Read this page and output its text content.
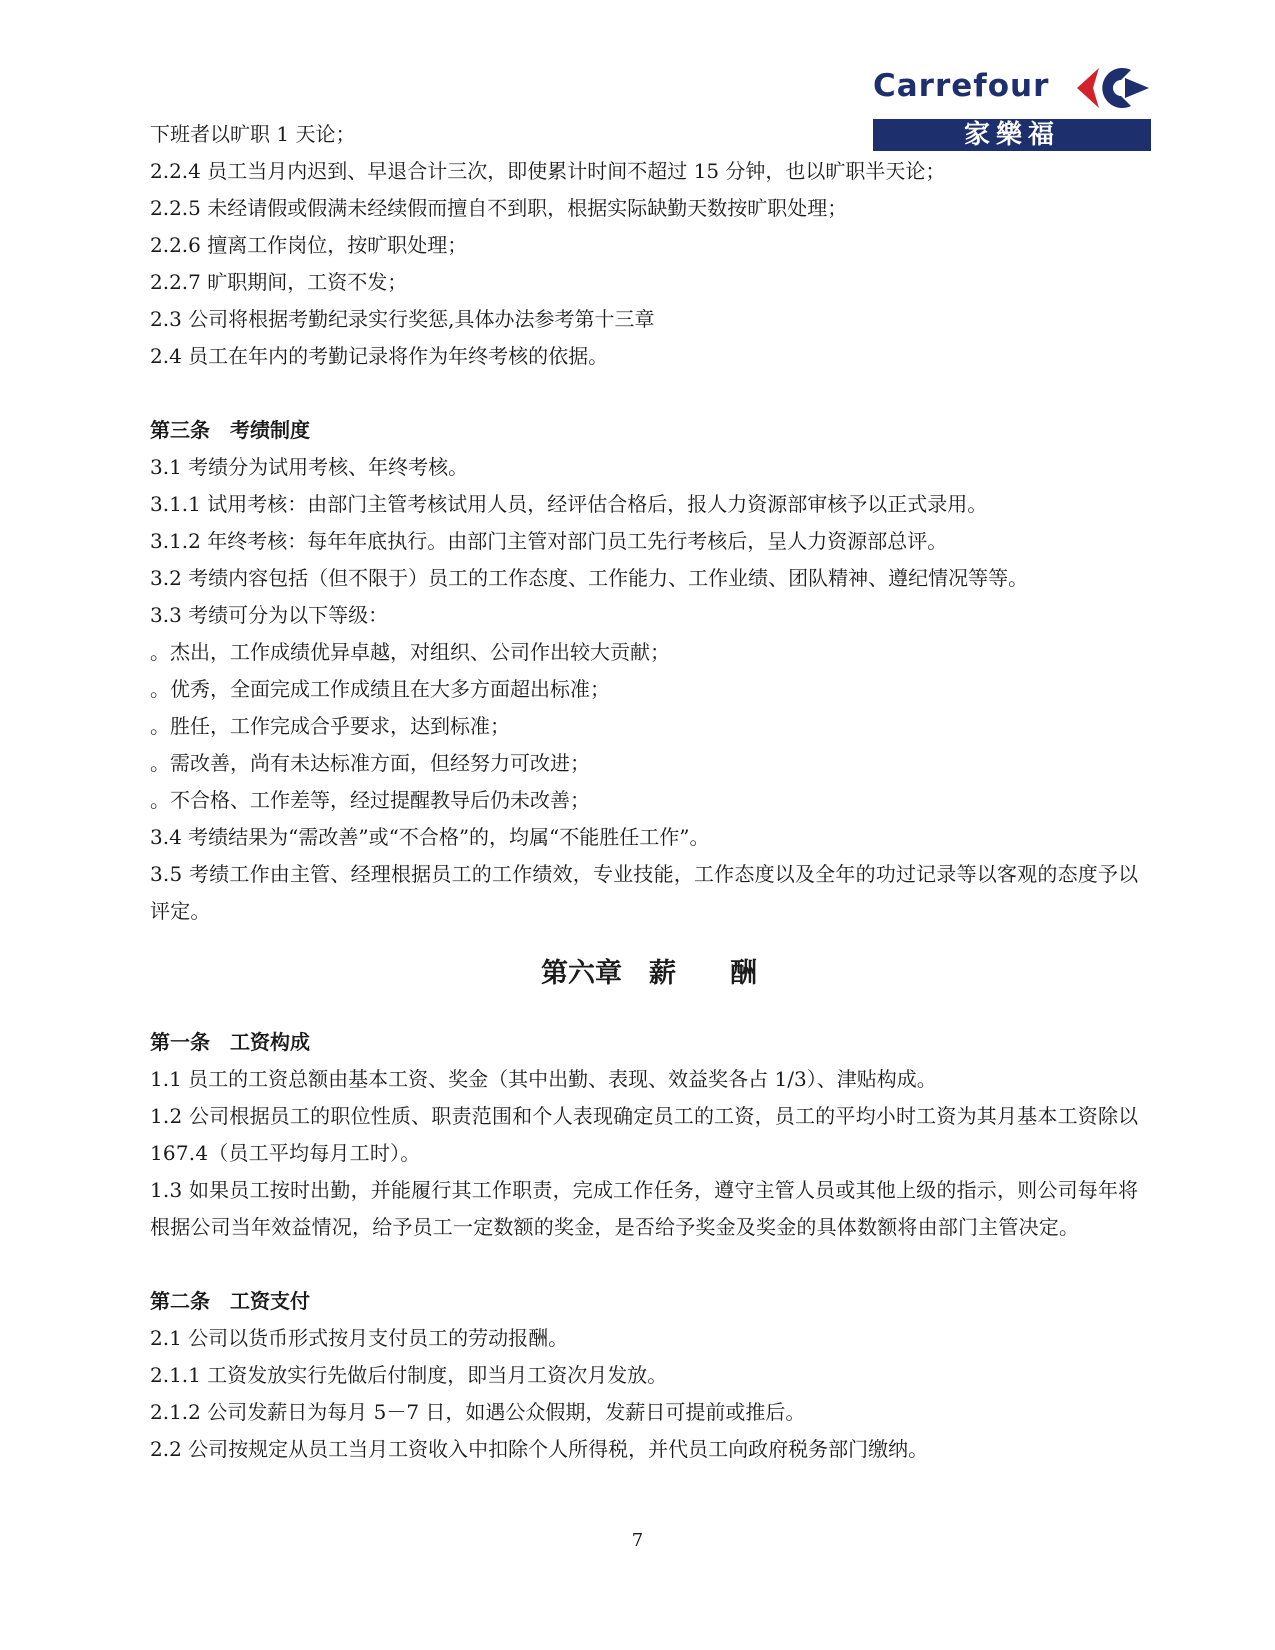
Carrefour
家樂福

下班者以旷职 1 天论；

2.2.4 员工当月内迟到、早退合计三次，即使累计时间不超过 15 分钟，也以旷职半天论；

2.2.5 未经请假或假满未经续假而擅自不到职，根据实际缺勤天数按旷职处理；

2.2.6 擅离工作岗位，按旷职处理；

2.2.7 旷职期间，工资不发；

2.3 公司将根据考勤纪录实行奖惩,具体办法参考第十三章

2.4 员工在年内的考勤记录将作为年终考核的依据。

第三条　考绩制度

3.1 考绩分为试用考核、年终考核。

3.1.1 试用考核：由部门主管考核试用人员，经评估合格后，报人力资源部审核予以正式录用。

3.1.2 年终考核：每年年底执行。由部门主管对部门员工先行考核后，呈人力资源部总评。

3.2 考绩内容包括（但不限于）员工的工作态度、工作能力、工作业绩、团队精神、遵纪情况等等。

3.3 考绩可分为以下等级：

。杰出，工作成绩优异卓越，对组织、公司作出较大贡献；

。优秀，全面完成工作成绩且在大多方面超出标准；

。胜任，工作完成合乎要求，达到标准；

。需改善，尚有未达标准方面，但经努力可改进；

。不合格、工作差等，经过提醒教导后仍未改善；

3.4 考绩结果为“需改善”或“不合格”的，均属“不能胜任工作”。

3.5 考绩工作由主管、经理根据员工的工作绩效，专业技能，工作态度以及全年的功过记录等以客观的态度予以评定。

第六章　薪　　酬

第一条　工资构成

1.1 员工的工资总额由基本工资、奖金（其中出勤、表现、效益奖各占 1/3）、津贴构成。

1.2 公司根据员工的职位性质、职责范围和个人表现确定员工的工资，员工的平均小时工资为其月基本工资除以 167.4（员工平均每月工时）。

1.3 如果员工按时出勤，并能履行其工作职责，完成工作任务，遵守主管人员或其他上级的指示，则公司每年将根据公司当年效益情况，给予员工一定数额的奖金，是否给予奖金及奖金的具体数额将由部门主管决定。

第二条　工资支付

2.1 公司以货币形式按月支付员工的劳动报酬。

2.1.1 工资发放实行先做后付制度，即当月工资次月发放。

2.1.2 公司发薪日为每月 5－7 日，如遇公众假期，发薪日可提前或推后。

2.2 公司按规定从员工当月工资收入中扣除个人所得税，并代员工向政府税务部门缴纳。

7
